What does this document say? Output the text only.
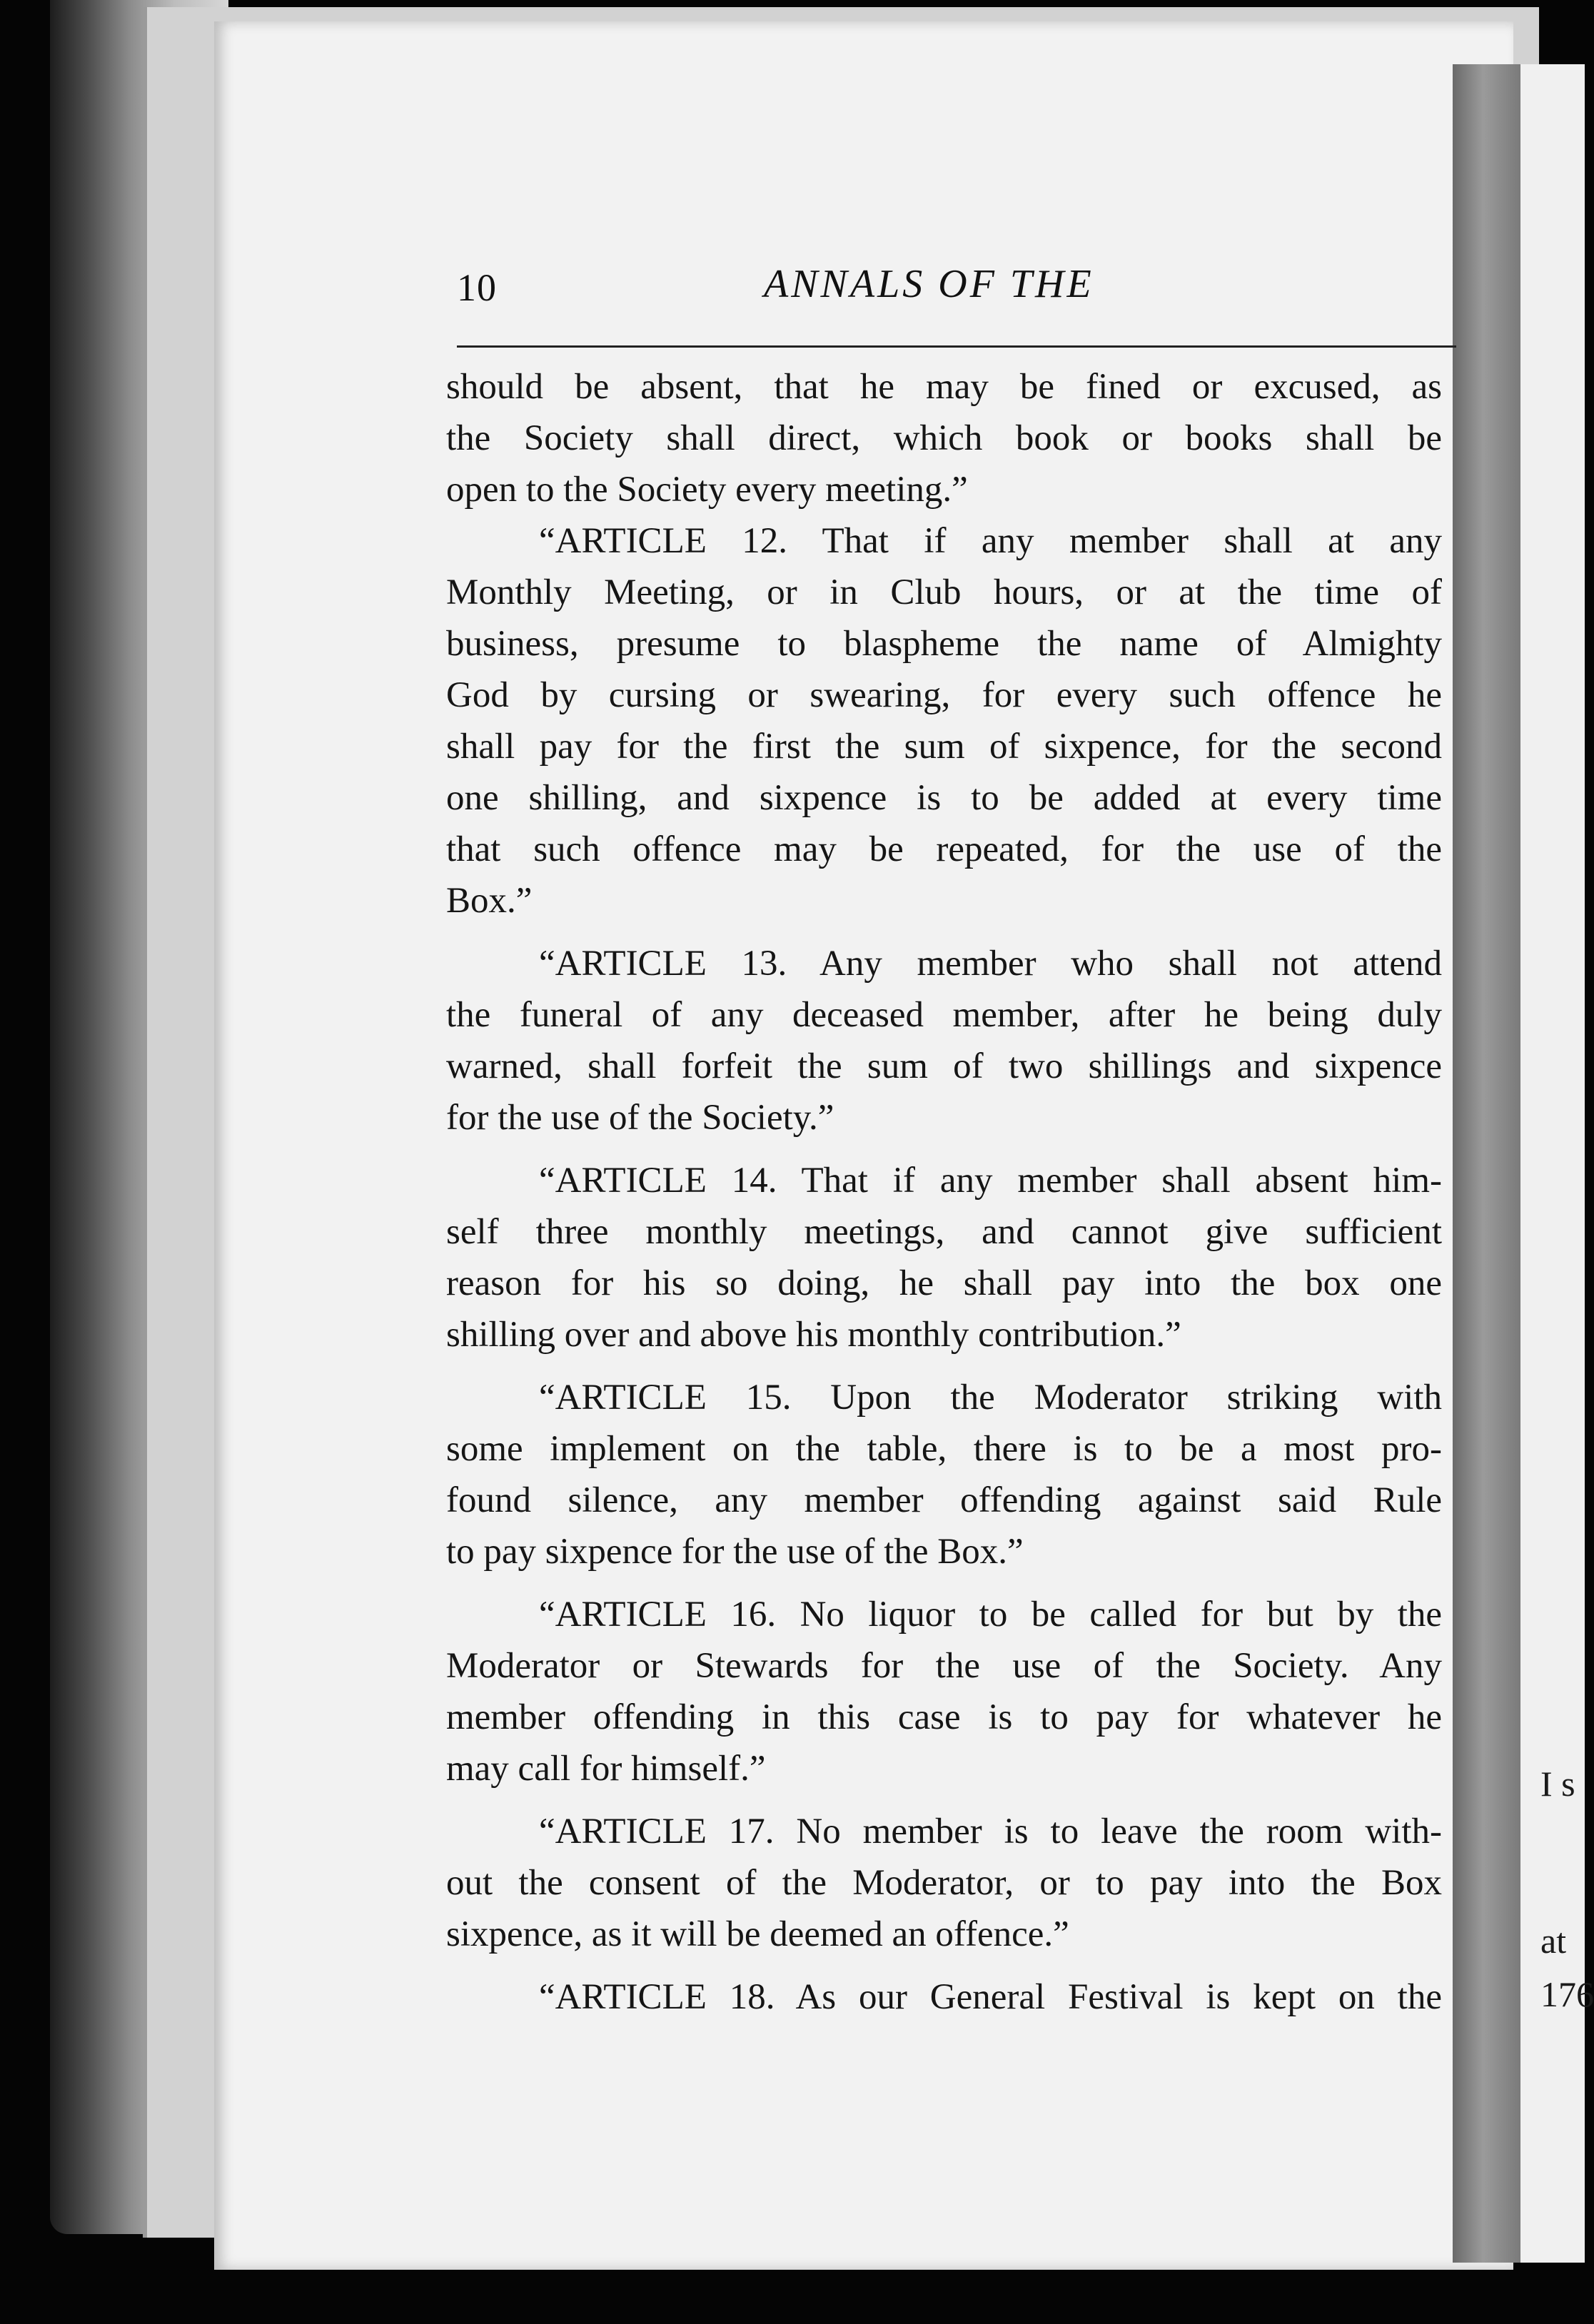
10	ANNALS OF THE

should be absent, that he may be fined or excused, as

the Society shall direct, which book or books shall be

open to the Society every meeting.”

“ARTICLE 12. That if any member shall at any

Monthly Meeting, or in Club hours, or at the time of

business, presume to blaspheme the name of Almighty

God by cursing or swearing, for every such offence he

shall pay for the first the sum of sixpence, for the second

one shilling, and sixpence is to be added at every time

that such offence may be repeated, for the use of the

Box.”

“ARTICLE 13. Any member who shall not attend

the funeral of any deceased member, after he being duly

warned, shall forfeit the sum of two shillings and sixpence

for the use of the Society.”

“ARTICLE 14. That if any member shall absent him-

self three monthly meetings, and cannot give sufficient

reason for his so doing, he shall pay into the box one

shilling over and above his monthly contribution.”

“ARTICLE 15. Upon the Moderator striking with

some implement on the table, there is to be a most pro-

found silence, any member offending against said Rule

to pay sixpence for the use of the Box.”

“ARTICLE 16. No liquor to be called for but by the

Moderator or Stewards for the use of the Society. Any

member offending in this case is to pay for whatever he

may call for himself.”

“ARTICLE 17. No member is to leave the room with-

out the consent of the Moderator, or to pay into the Box

sixpence, as it will be deemed an offence.”

“ARTICLE 18. As our General Festival is kept on the

I s
at
176
